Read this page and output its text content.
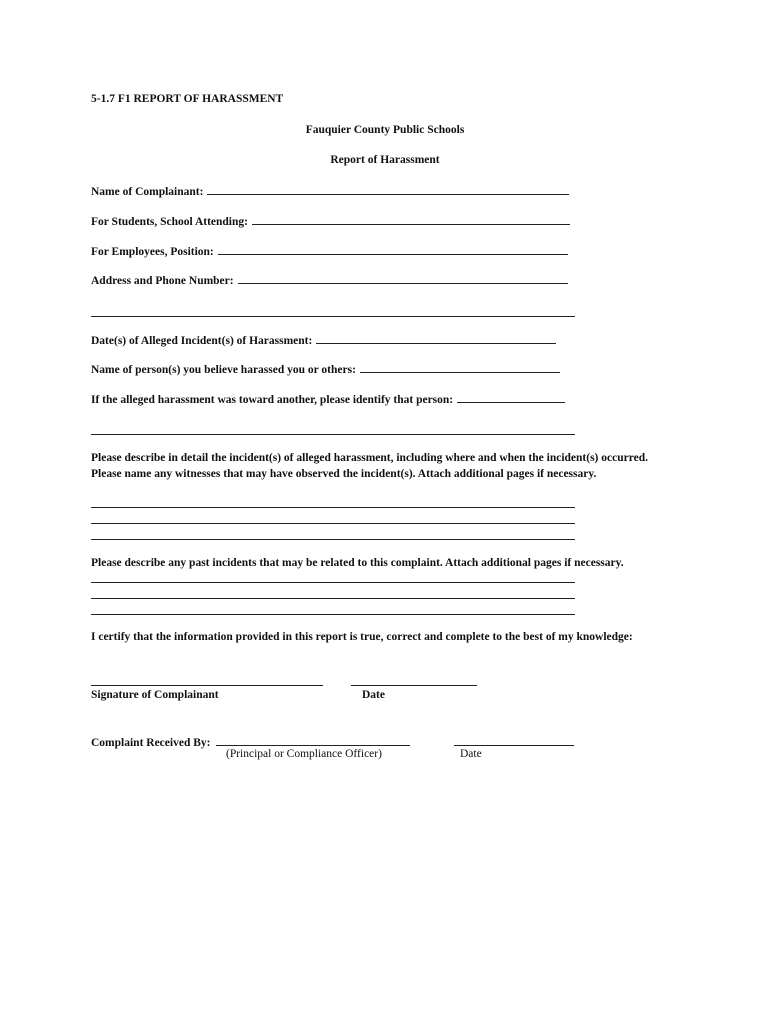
5-1.7 F1 REPORT OF HARASSMENT
Fauquier County Public Schools
Report of Harassment
Name of Complainant:
For Students, School Attending:
For Employees, Position:
Address and Phone Number:
Date(s) of Alleged Incident(s) of Harassment:
Name of person(s) you believe harassed you or others:
If the alleged harassment was toward another, please identify that person:
Please describe in detail the incident(s) of alleged harassment, including where and when the incident(s) occurred. Please name any witnesses that may have observed the incident(s). Attach additional pages if necessary.
Please describe any past incidents that may be related to this complaint. Attach additional pages if necessary.
I certify that the information provided in this report is true, correct and complete to the best of my knowledge:
Signature of Complainant	Date
Complaint Received By:
(Principal or Compliance Officer)	Date
